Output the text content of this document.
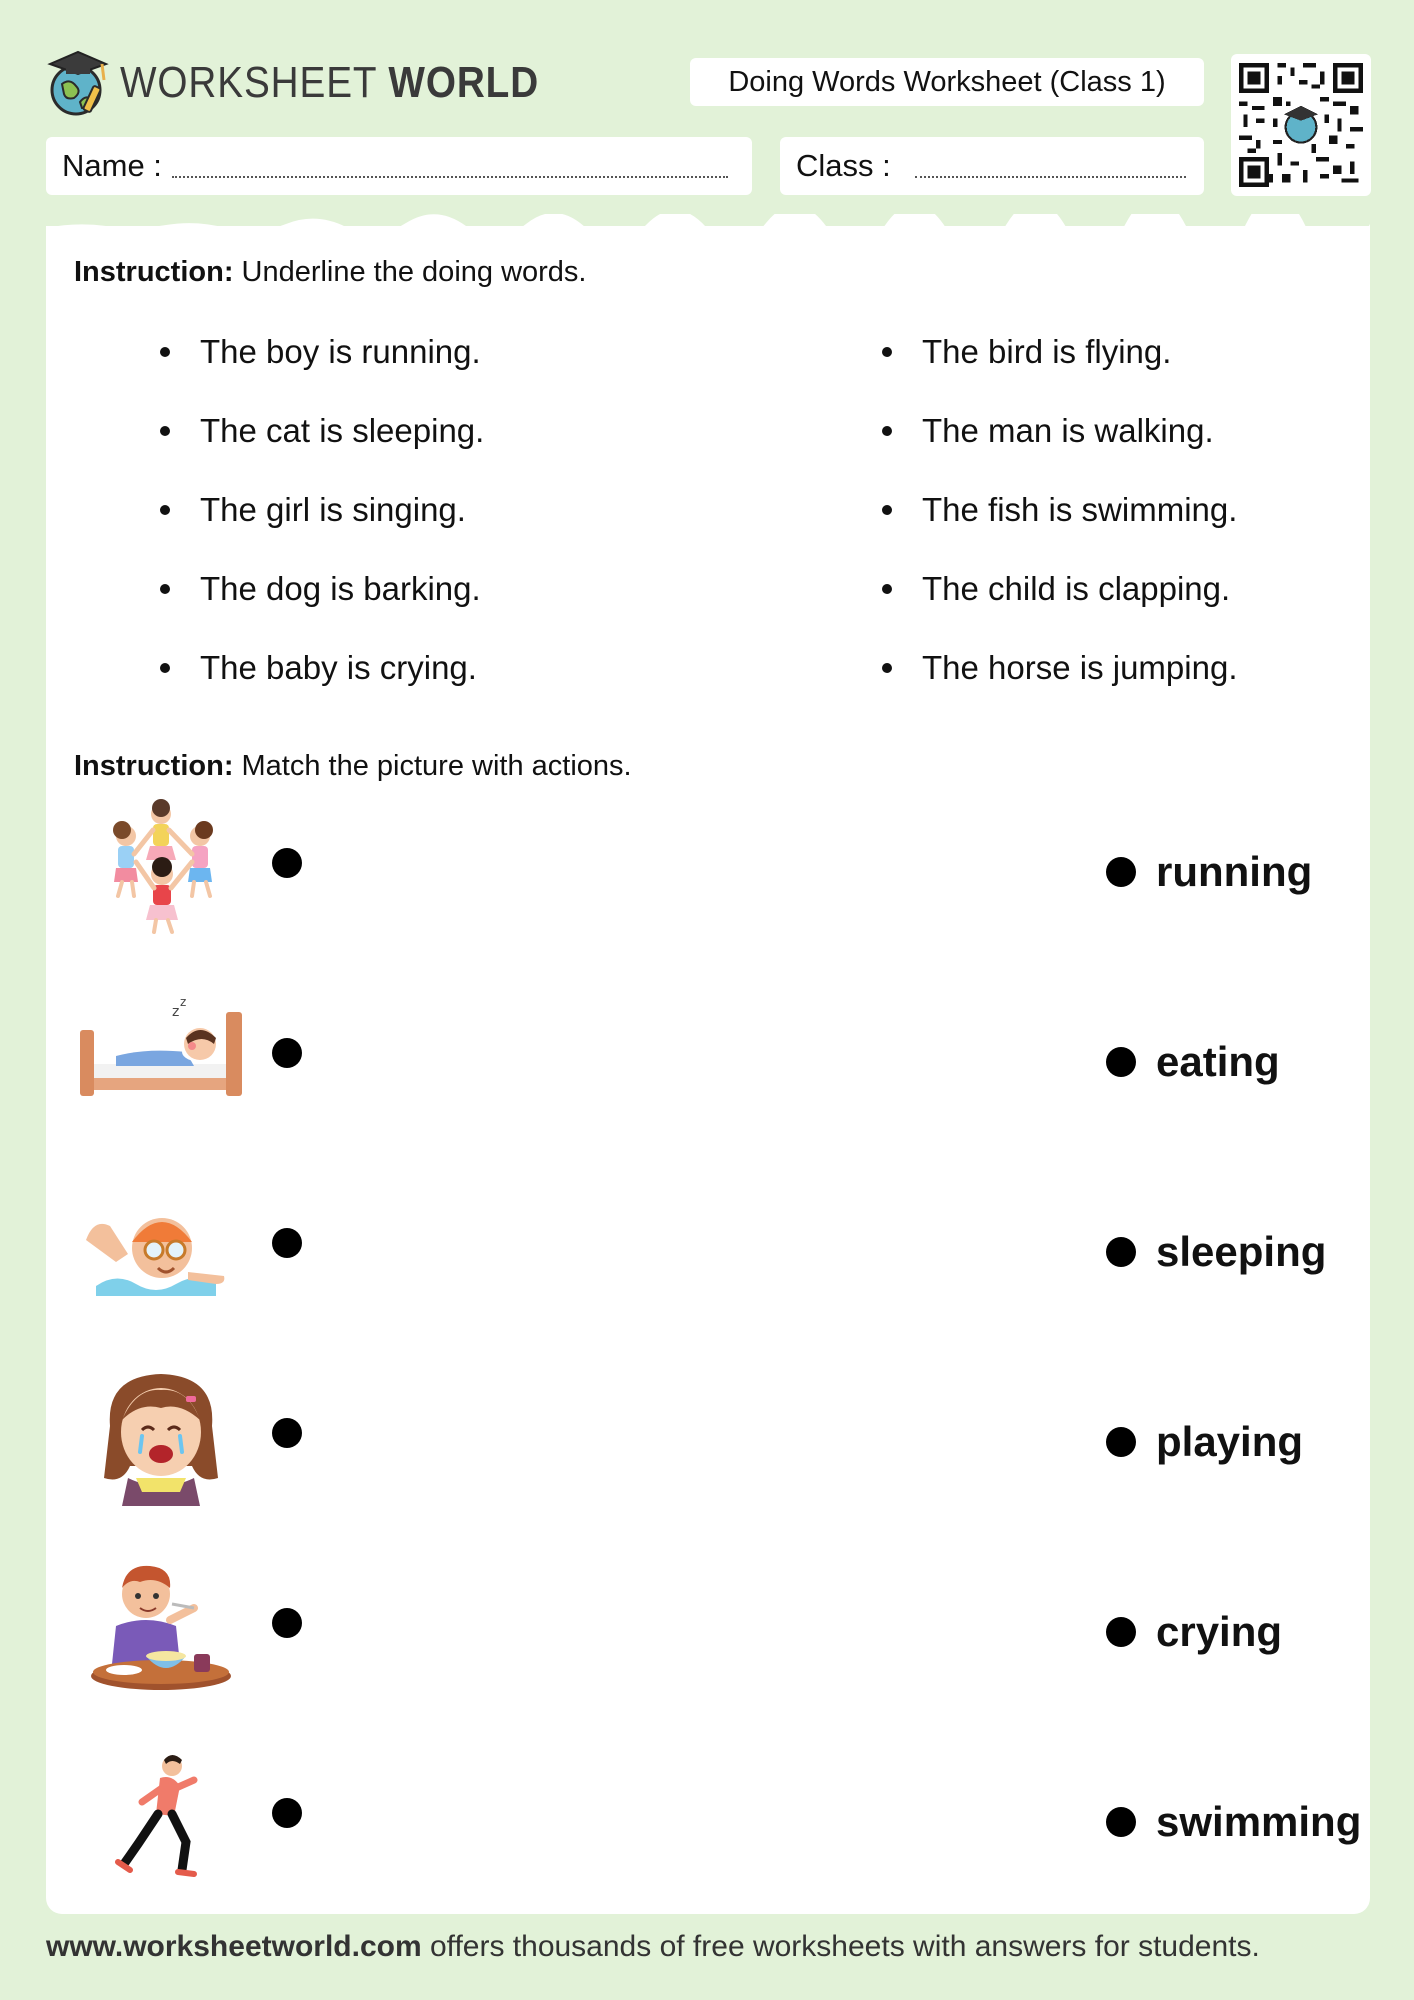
WORKSHEET WORLD	Doing Words Worksheet (Class 1)
Name :	Class :
Instruction: Underline the doing words.
The boy is running.
The cat is sleeping.
The girl is singing.
The dog is barking.
The baby is crying.
The bird is flying.
The man is walking.
The fish is swimming.
The child is clapping.
The horse is jumping.
Instruction: Match the picture with actions.
z
z
running
eating
sleeping
playing
crying
swimming
www.worksheetworld.com offers thousands of free worksheets with answers for students.
